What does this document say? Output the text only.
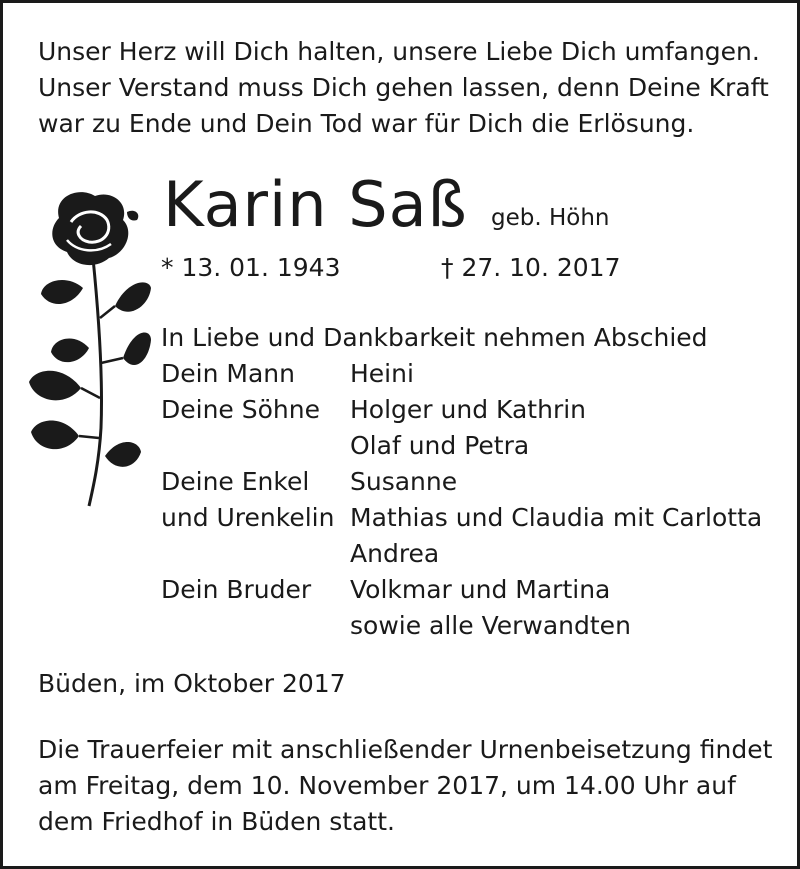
Unser Herz will Dich halten, unsere Liebe Dich umfangen.
Unser Verstand muss Dich gehen lassen, denn Deine Kraft
war zu Ende und Dein Tod war für Dich die Erlösung.
Karin Saß geb. Höhn
* 13. 01. 1943	† 27. 10. 2017
In Liebe und Dankbarkeit nehmen Abschied
Dein Mann Heini
Deine Söhne Holger und Kathrin
Olaf und Petra
Deine Enkel Susanne
und Urenkelin Mathias und Claudia mit Carlotta
Andrea
Dein Bruder Volkmar und Martina
sowie alle Verwandten
Büden, im Oktober 2017
Die Trauerfeier mit anschließender Urnenbeisetzung findet
am Freitag, dem 10. November 2017, um 14.00 Uhr auf
dem Friedhof in Büden statt.
